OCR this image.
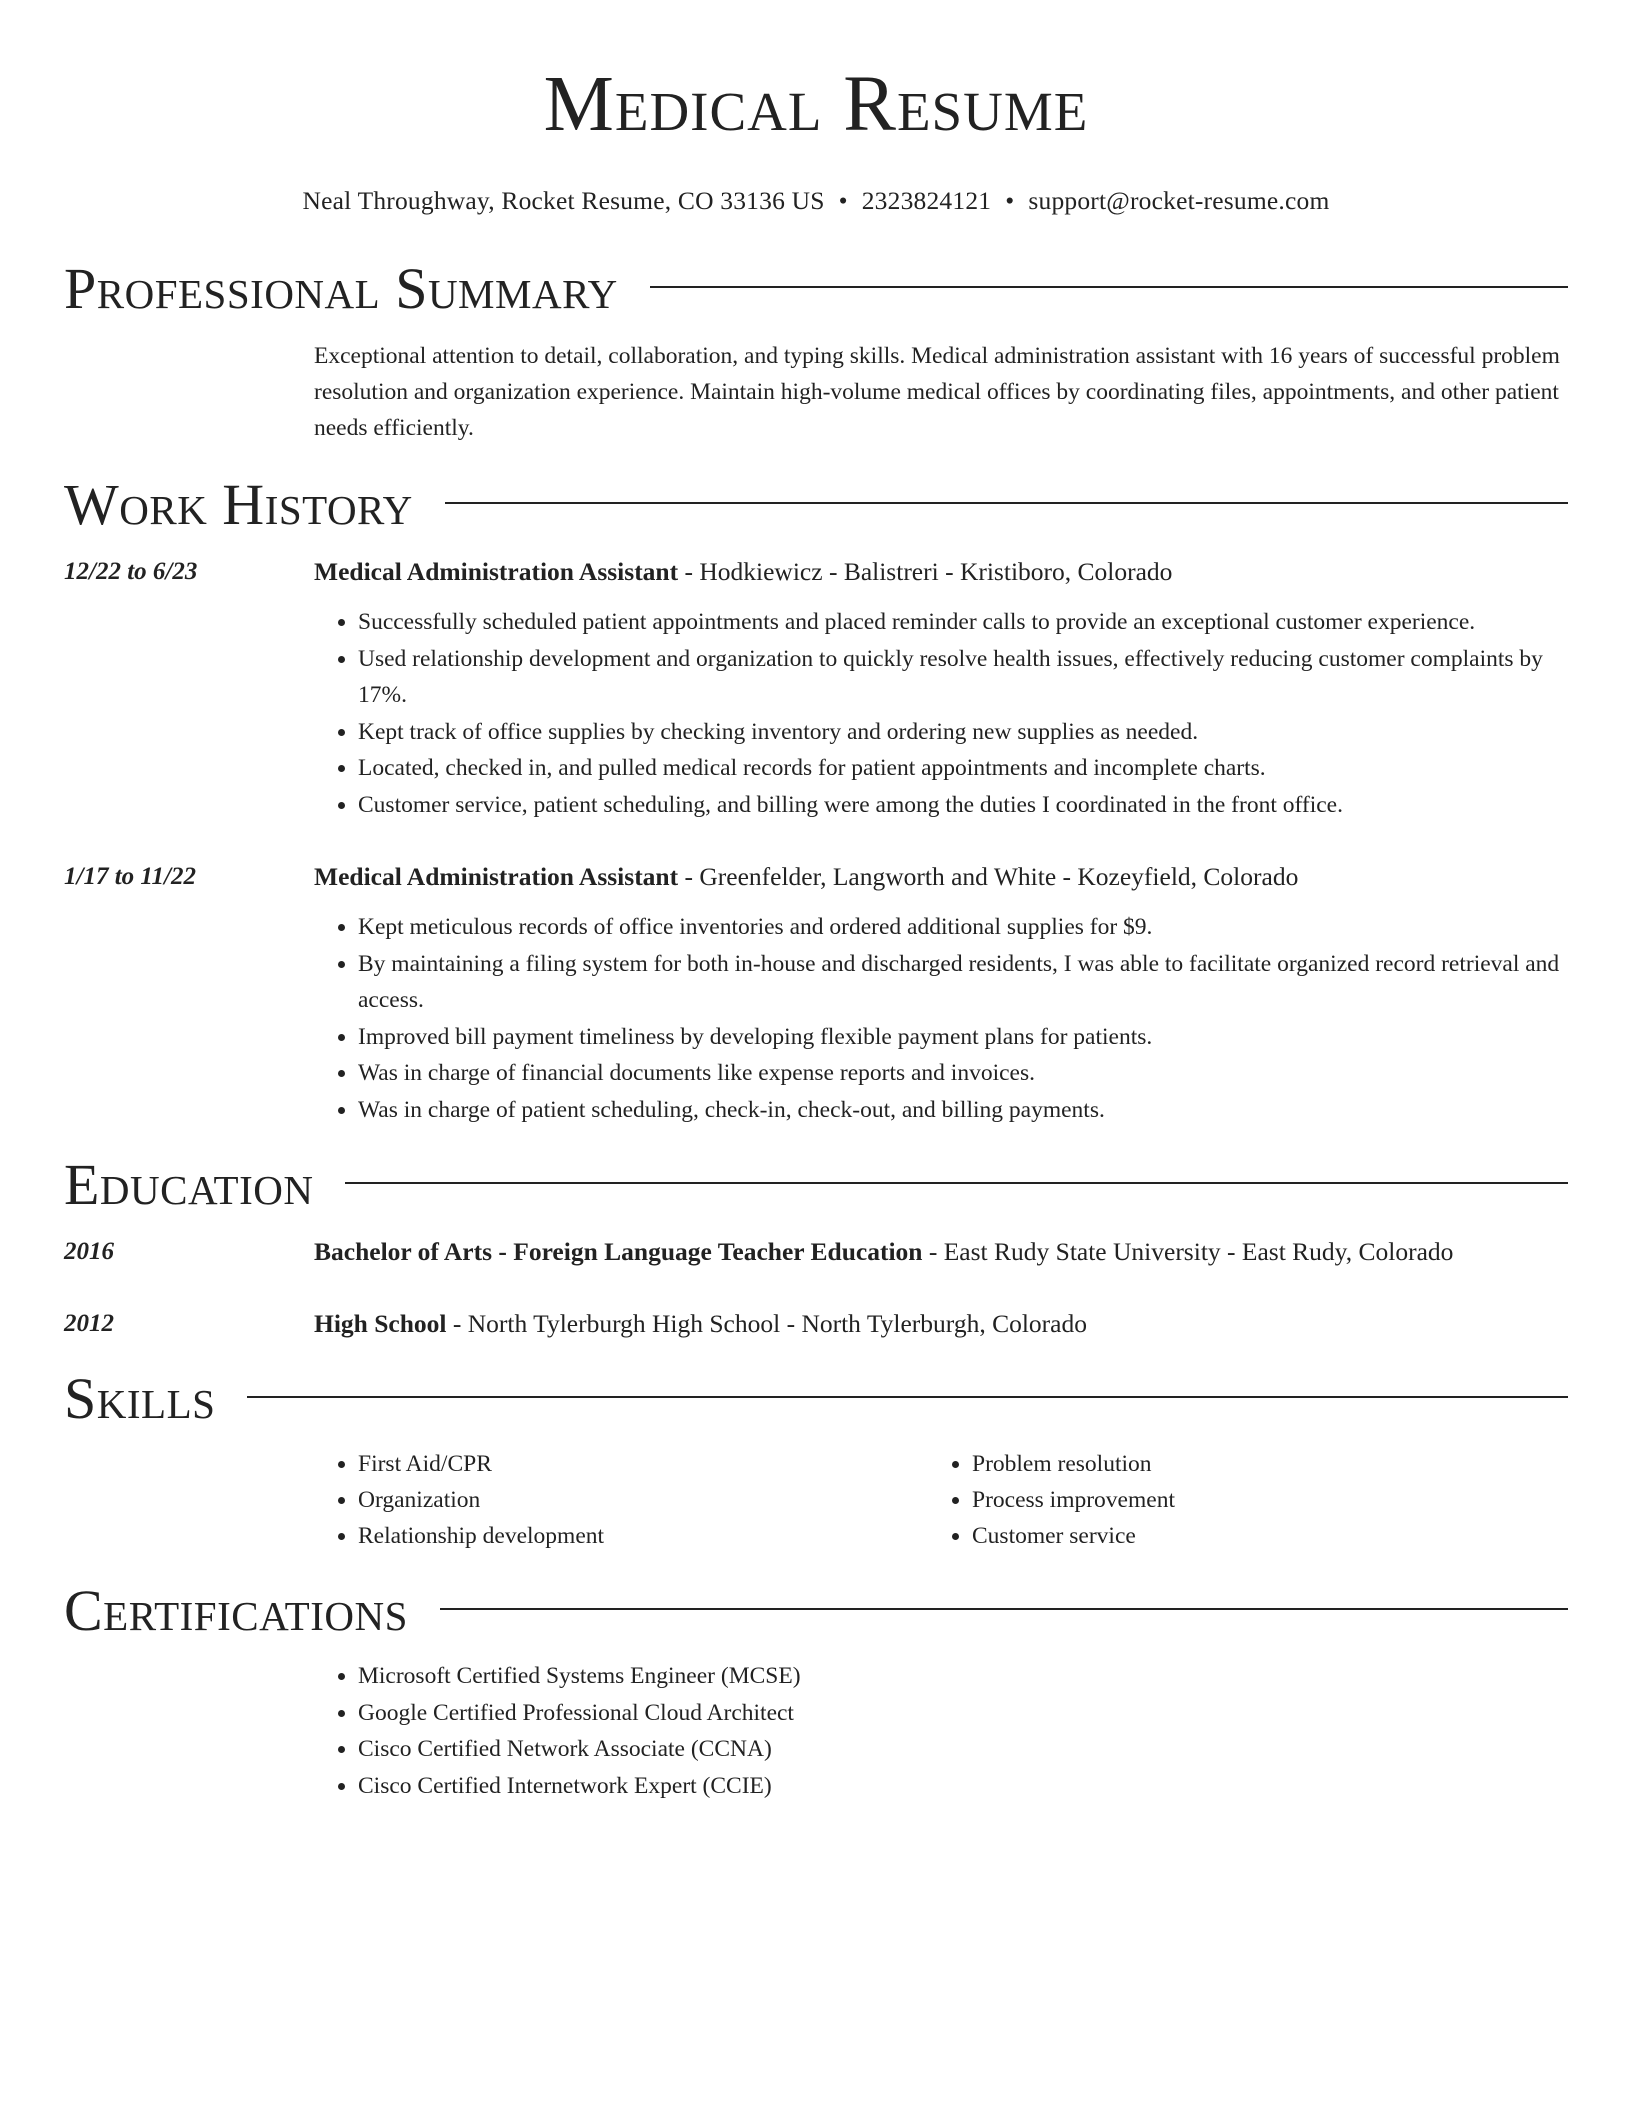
Medical Resume
Neal Throughway, Rocket Resume, CO 33136 US • 2323824121 • support@rocket-resume.com
Professional Summary
Exceptional attention to detail, collaboration, and typing skills. Medical administration assistant with 16 years of successful problem resolution and organization experience. Maintain high-volume medical offices by coordinating files, appointments, and other patient needs efficiently.
Work History
12/22 to 6/23	Medical Administration Assistant - Hodkiewicz - Balistreri - Kristiboro, Colorado
• Successfully scheduled patient appointments and placed reminder calls to provide an exceptional customer experience.
• Used relationship development and organization to quickly resolve health issues, effectively reducing customer complaints by 17%.
• Kept track of office supplies by checking inventory and ordering new supplies as needed.
• Located, checked in, and pulled medical records for patient appointments and incomplete charts.
• Customer service, patient scheduling, and billing were among the duties I coordinated in the front office.
1/17 to 11/22	Medical Administration Assistant - Greenfelder, Langworth and White - Kozeyfield, Colorado
• Kept meticulous records of office inventories and ordered additional supplies for $9.
• By maintaining a filing system for both in-house and discharged residents, I was able to facilitate organized record retrieval and access.
• Improved bill payment timeliness by developing flexible payment plans for patients.
• Was in charge of financial documents like expense reports and invoices.
• Was in charge of patient scheduling, check-in, check-out, and billing payments.
Education
2016	Bachelor of Arts - Foreign Language Teacher Education - East Rudy State University - East Rudy, Colorado
2012	High School - North Tylerburgh High School - North Tylerburgh, Colorado
Skills
• First Aid/CPR
• Organization
• Relationship development
• Problem resolution
• Process improvement
• Customer service
Certifications
• Microsoft Certified Systems Engineer (MCSE)
• Google Certified Professional Cloud Architect
• Cisco Certified Network Associate (CCNA)
• Cisco Certified Internetwork Expert (CCIE)
